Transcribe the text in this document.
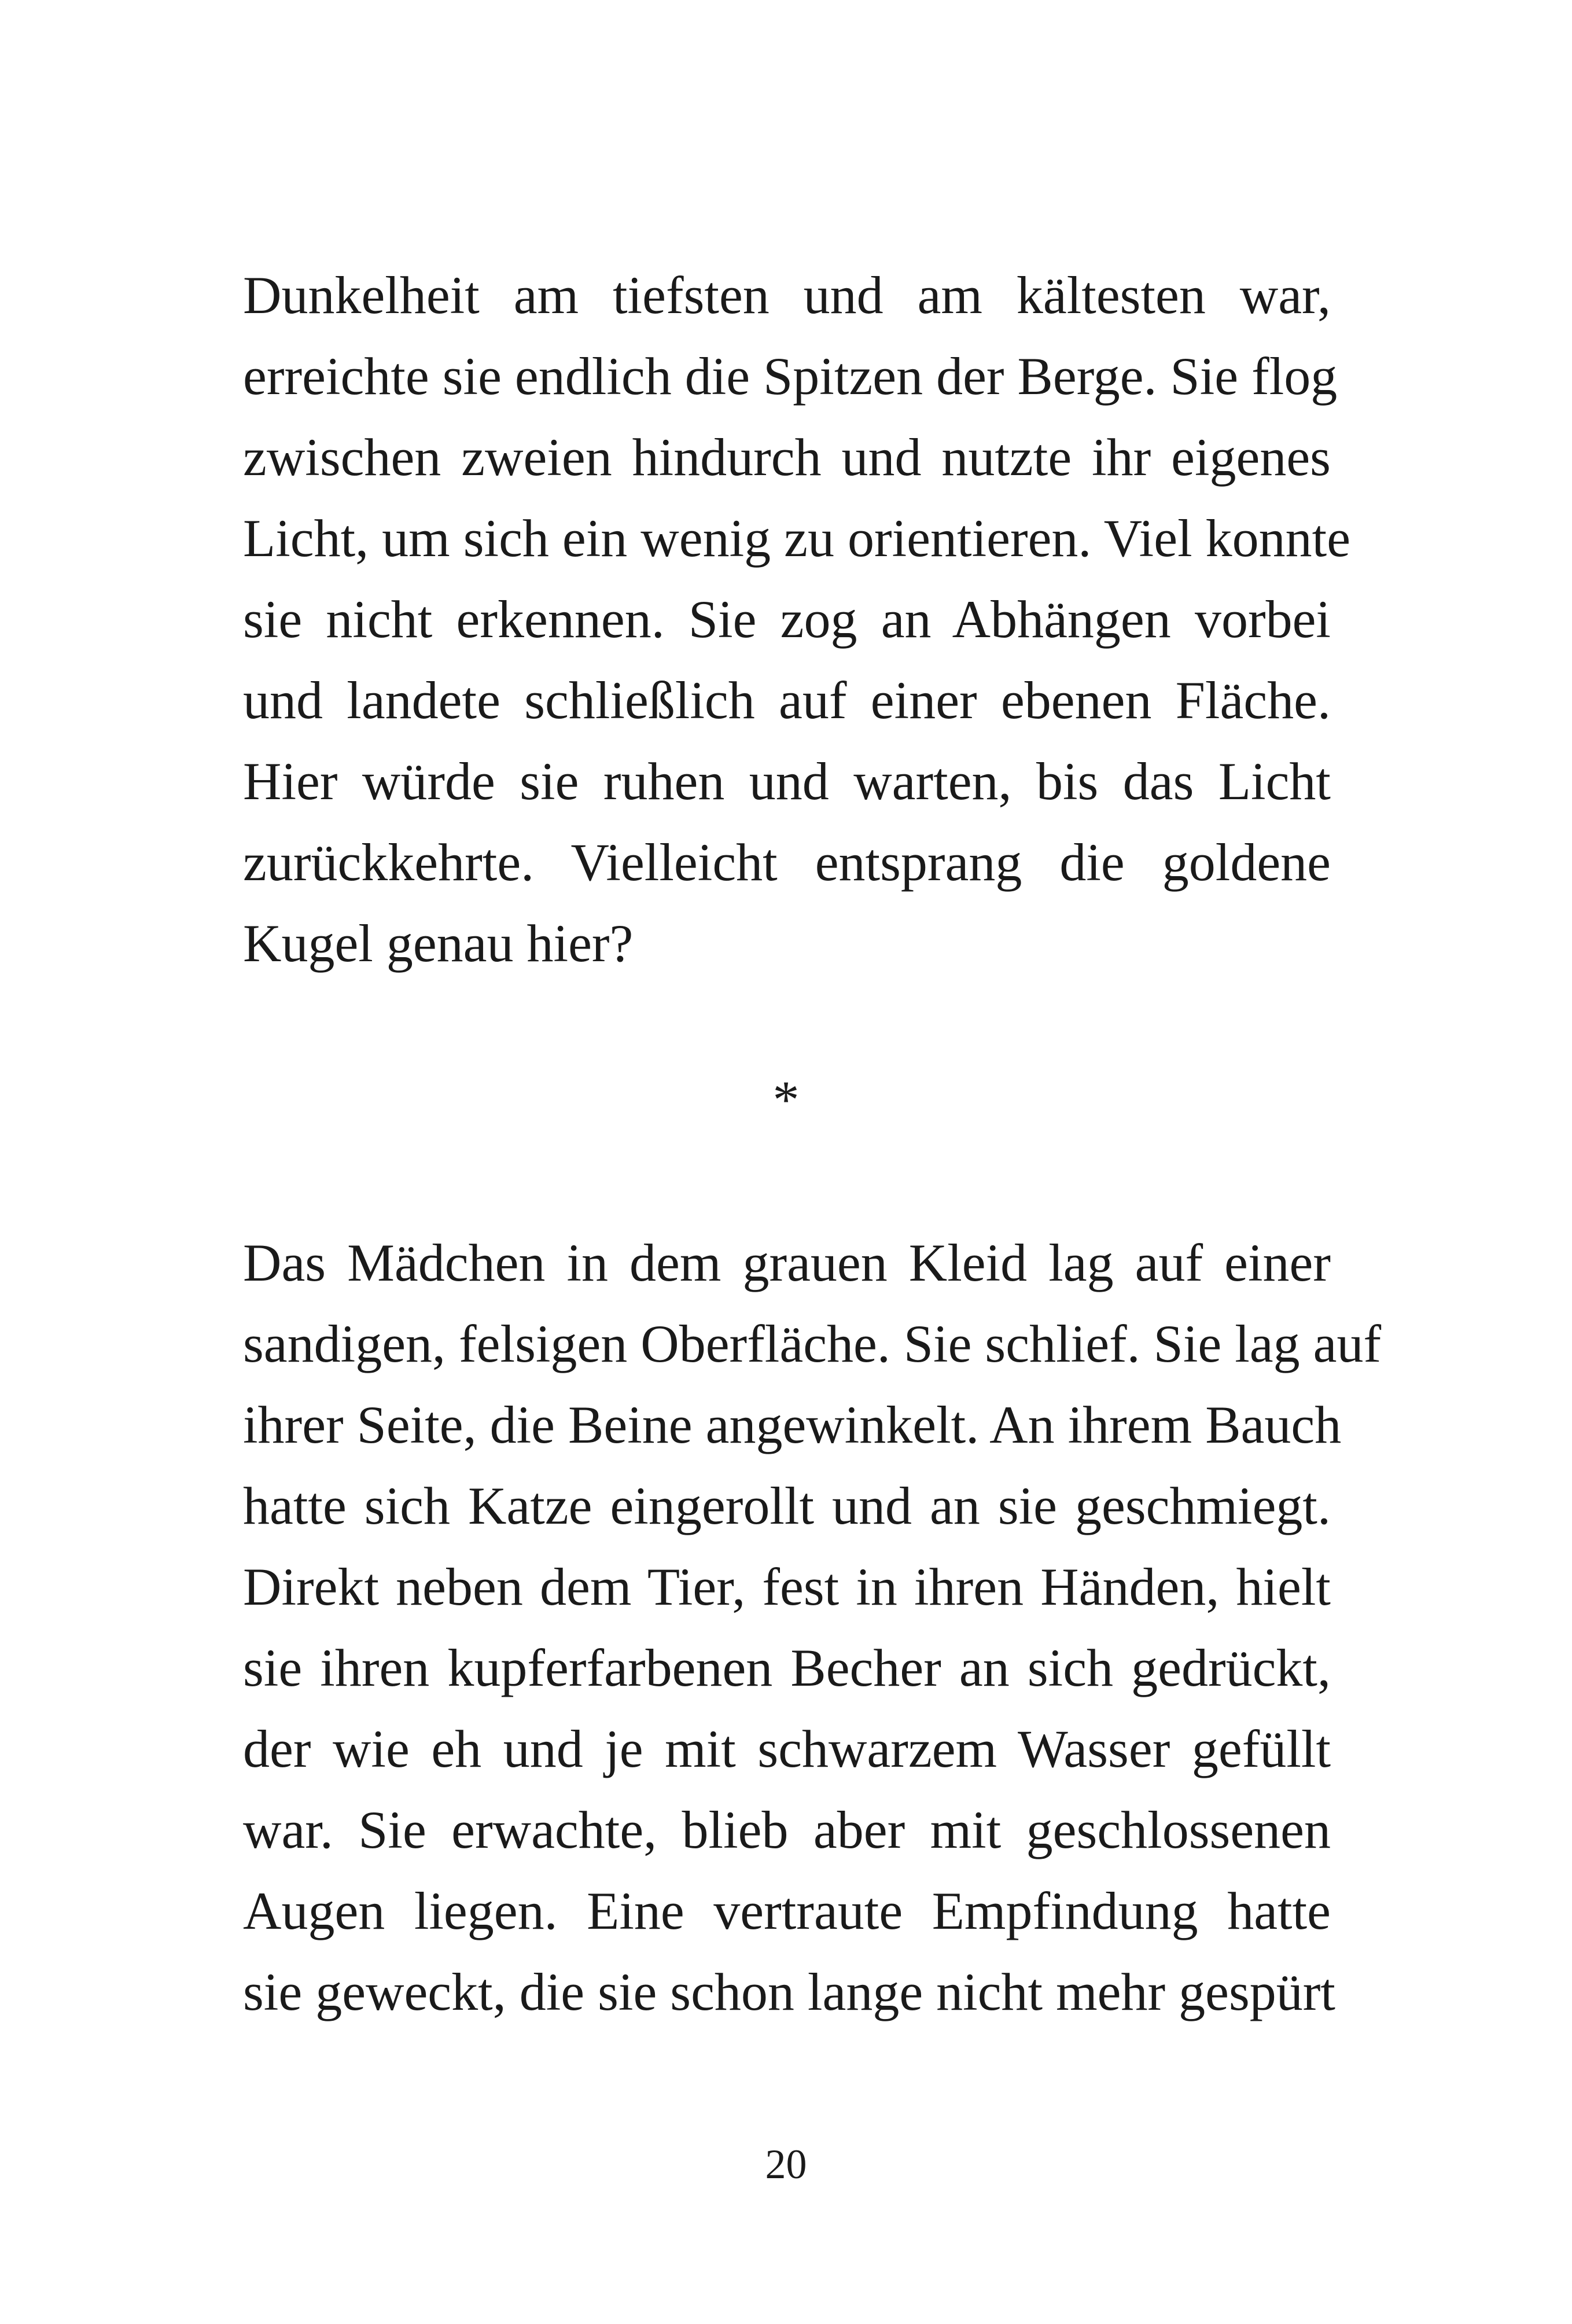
Dunkelheit am tiefsten und am kältesten war,
erreichte sie endlich die Spitzen der Berge. Sie flog
zwischen zweien hindurch und nutzte ihr eigenes
Licht, um sich ein wenig zu orientieren. Viel konnte
sie nicht erkennen. Sie zog an Abhängen vorbei
und landete schließlich auf einer ebenen Fläche.
Hier würde sie ruhen und warten, bis das Licht
zurückkehrte. Vielleicht entsprang die goldene
Kugel genau hier?
*
Das Mädchen in dem grauen Kleid lag auf einer
sandigen, felsigen Oberfläche. Sie schlief. Sie lag auf
ihrer Seite, die Beine angewinkelt. An ihrem Bauch
hatte sich Katze eingerollt und an sie geschmiegt.
Direkt neben dem Tier, fest in ihren Händen, hielt
sie ihren kupferfarbenen Becher an sich gedrückt,
der wie eh und je mit schwarzem Wasser gefüllt
war. Sie erwachte, blieb aber mit geschlossenen
Augen liegen. Eine vertraute Empfindung hatte
sie geweckt, die sie schon lange nicht mehr gespürt
20
